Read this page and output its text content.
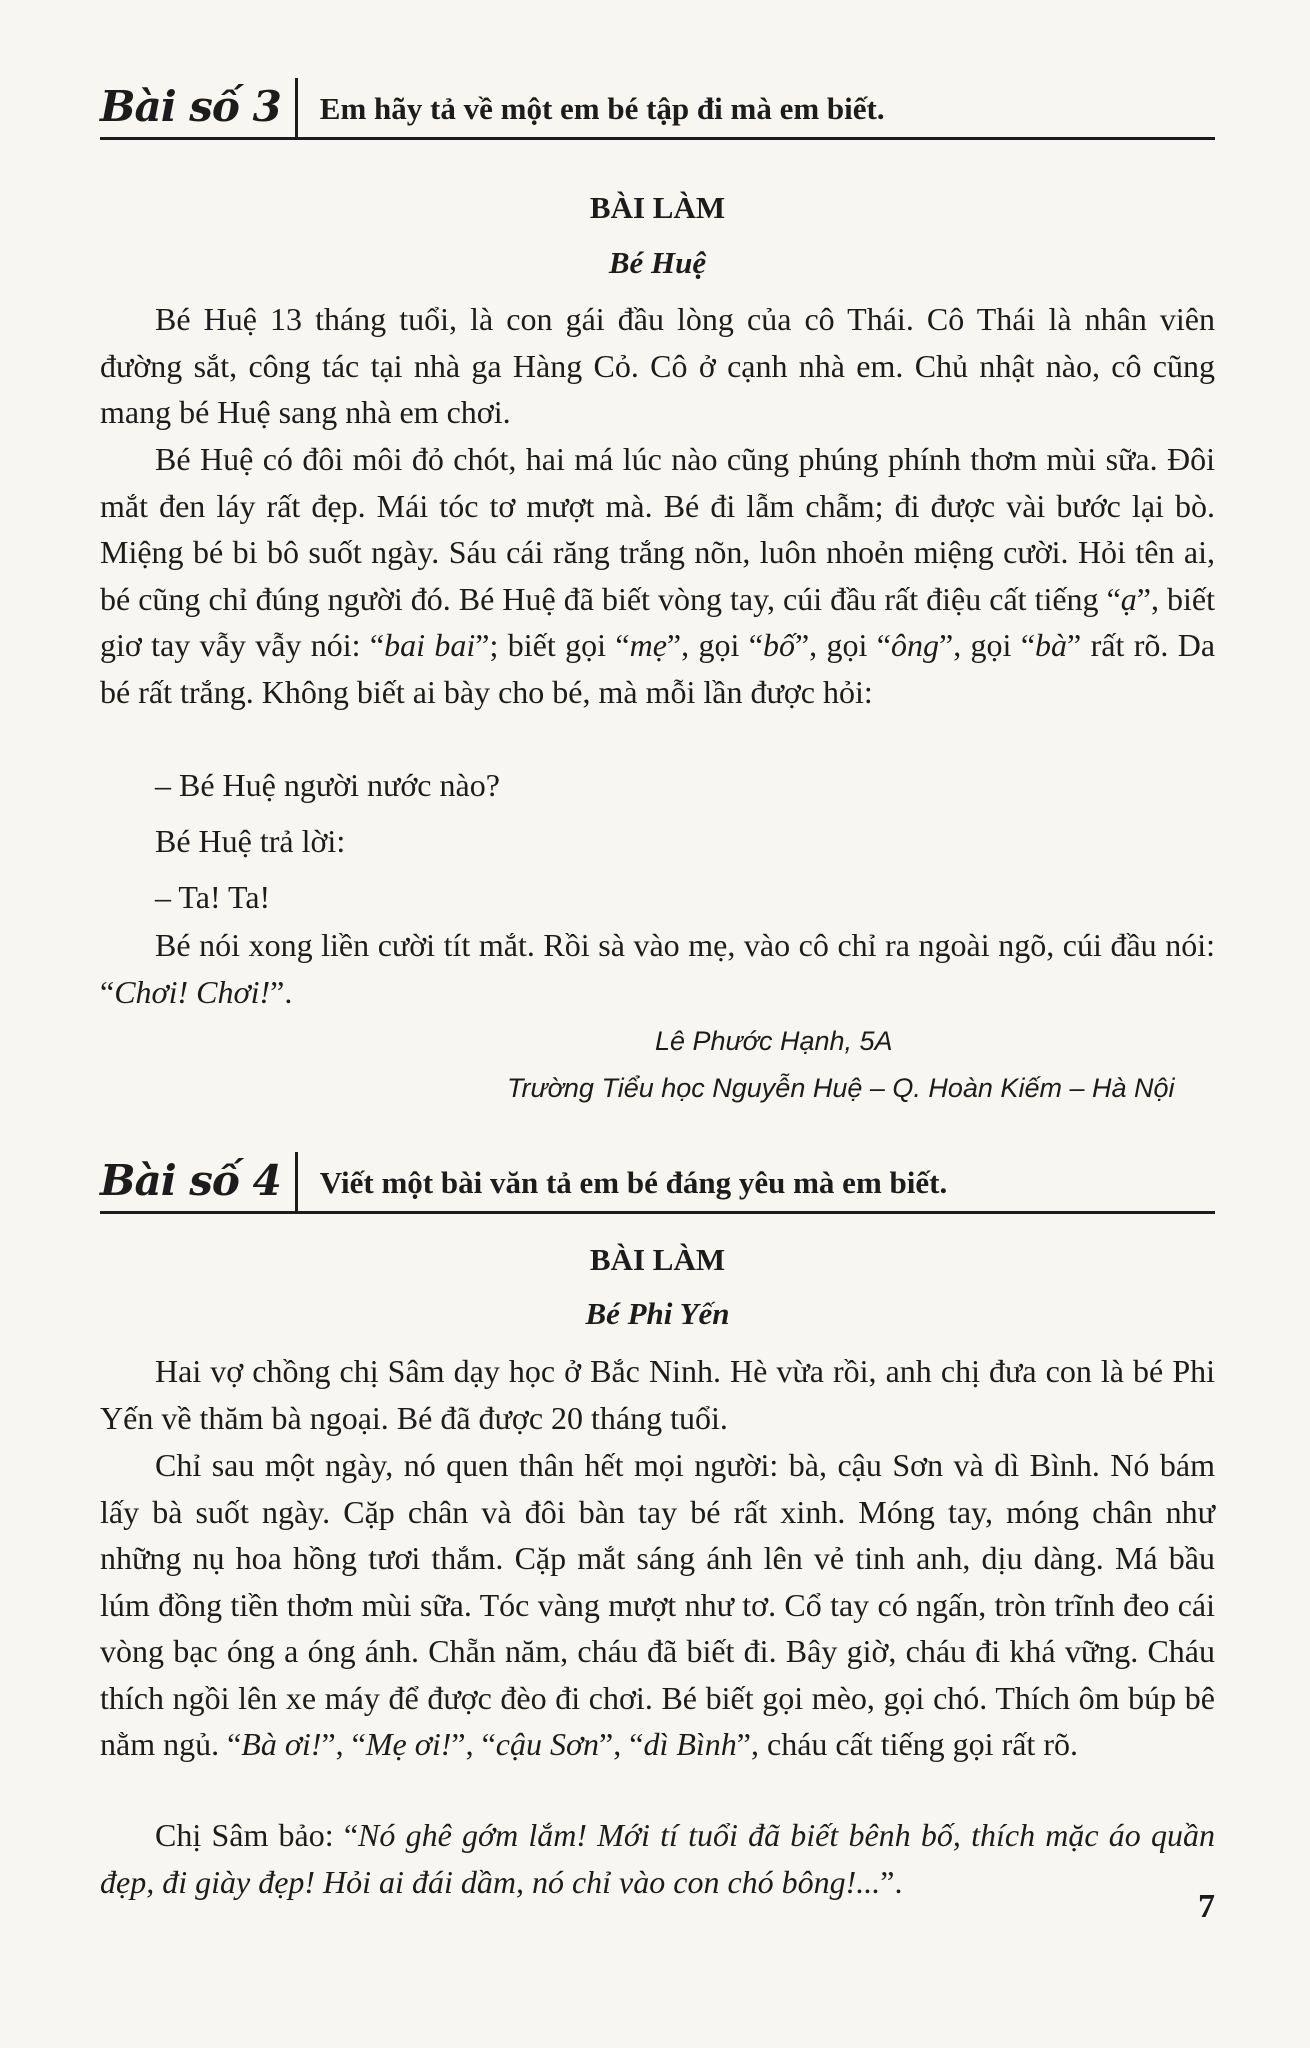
Bài số 3	Em hãy tả về một em bé tập đi mà em biết.
BÀI LÀM
Bé Huệ

Bé Huệ 13 tháng tuổi, là con gái đầu lòng của cô Thái. Cô Thái là nhân viên đường sắt, công tác tại nhà ga Hàng Cỏ. Cô ở cạnh nhà em. Chủ nhật nào, cô cũng mang bé Huệ sang nhà em chơi.

Bé Huệ có đôi môi đỏ chót, hai má lúc nào cũng phúng phính thơm mùi sữa. Đôi mắt đen láy rất đẹp. Mái tóc tơ mượt mà. Bé đi lẫm chẫm; đi được vài bước lại bò. Miệng bé bi bô suốt ngày. Sáu cái răng trắng nõn, luôn nhoẻn miệng cười. Hỏi tên ai, bé cũng chỉ đúng người đó. Bé Huệ đã biết vòng tay, cúi đầu rất điệu cất tiếng “ạ”, biết giơ tay vẫy vẫy nói: “bai bai”; biết gọi “mẹ”, gọi “bố”, gọi “ông”, gọi “bà” rất rõ. Da bé rất trắng. Không biết ai bày cho bé, mà mỗi lần được hỏi:

– Bé Huệ người nước nào?

Bé Huệ trả lời:

– Ta! Ta!

Bé nói xong liền cười tít mắt. Rồi sà vào mẹ, vào cô chỉ ra ngoài ngõ, cúi đầu nói: “Chơi! Chơi!”.

Lê Phước Hạnh, 5A
Trường Tiểu học Nguyễn Huệ – Q. Hoàn Kiếm – Hà Nội
Bài số 4	Viết một bài văn tả em bé đáng yêu mà em biết.
BÀI LÀM
Bé Phi Yến

Hai vợ chồng chị Sâm dạy học ở Bắc Ninh. Hè vừa rồi, anh chị đưa con là bé Phi Yến về thăm bà ngoại. Bé đã được 20 tháng tuổi.

Chỉ sau một ngày, nó quen thân hết mọi người: bà, cậu Sơn và dì Bình. Nó bám lấy bà suốt ngày. Cặp chân và đôi bàn tay bé rất xinh. Móng tay, móng chân như những nụ hoa hồng tươi thắm. Cặp mắt sáng ánh lên vẻ tinh anh, dịu dàng. Má bầu lúm đồng tiền thơm mùi sữa. Tóc vàng mượt như tơ. Cổ tay có ngấn, tròn trĩnh đeo cái vòng bạc óng a óng ánh. Chẵn năm, cháu đã biết đi. Bây giờ, cháu đi khá vững. Cháu thích ngồi lên xe máy để được đèo đi chơi. Bé biết gọi mèo, gọi chó. Thích ôm búp bê nằm ngủ. “Bà ơi!”, “Mẹ ơi!”, “cậu Sơn”, “dì Bình”, cháu cất tiếng gọi rất rõ.

Chị Sâm bảo: “Nó ghê gớm lắm! Mới tí tuổi đã biết bênh bố, thích mặc áo quần đẹp, đi giày đẹp! Hỏi ai đái dầm, nó chỉ vào con chó bông!...”.

7
